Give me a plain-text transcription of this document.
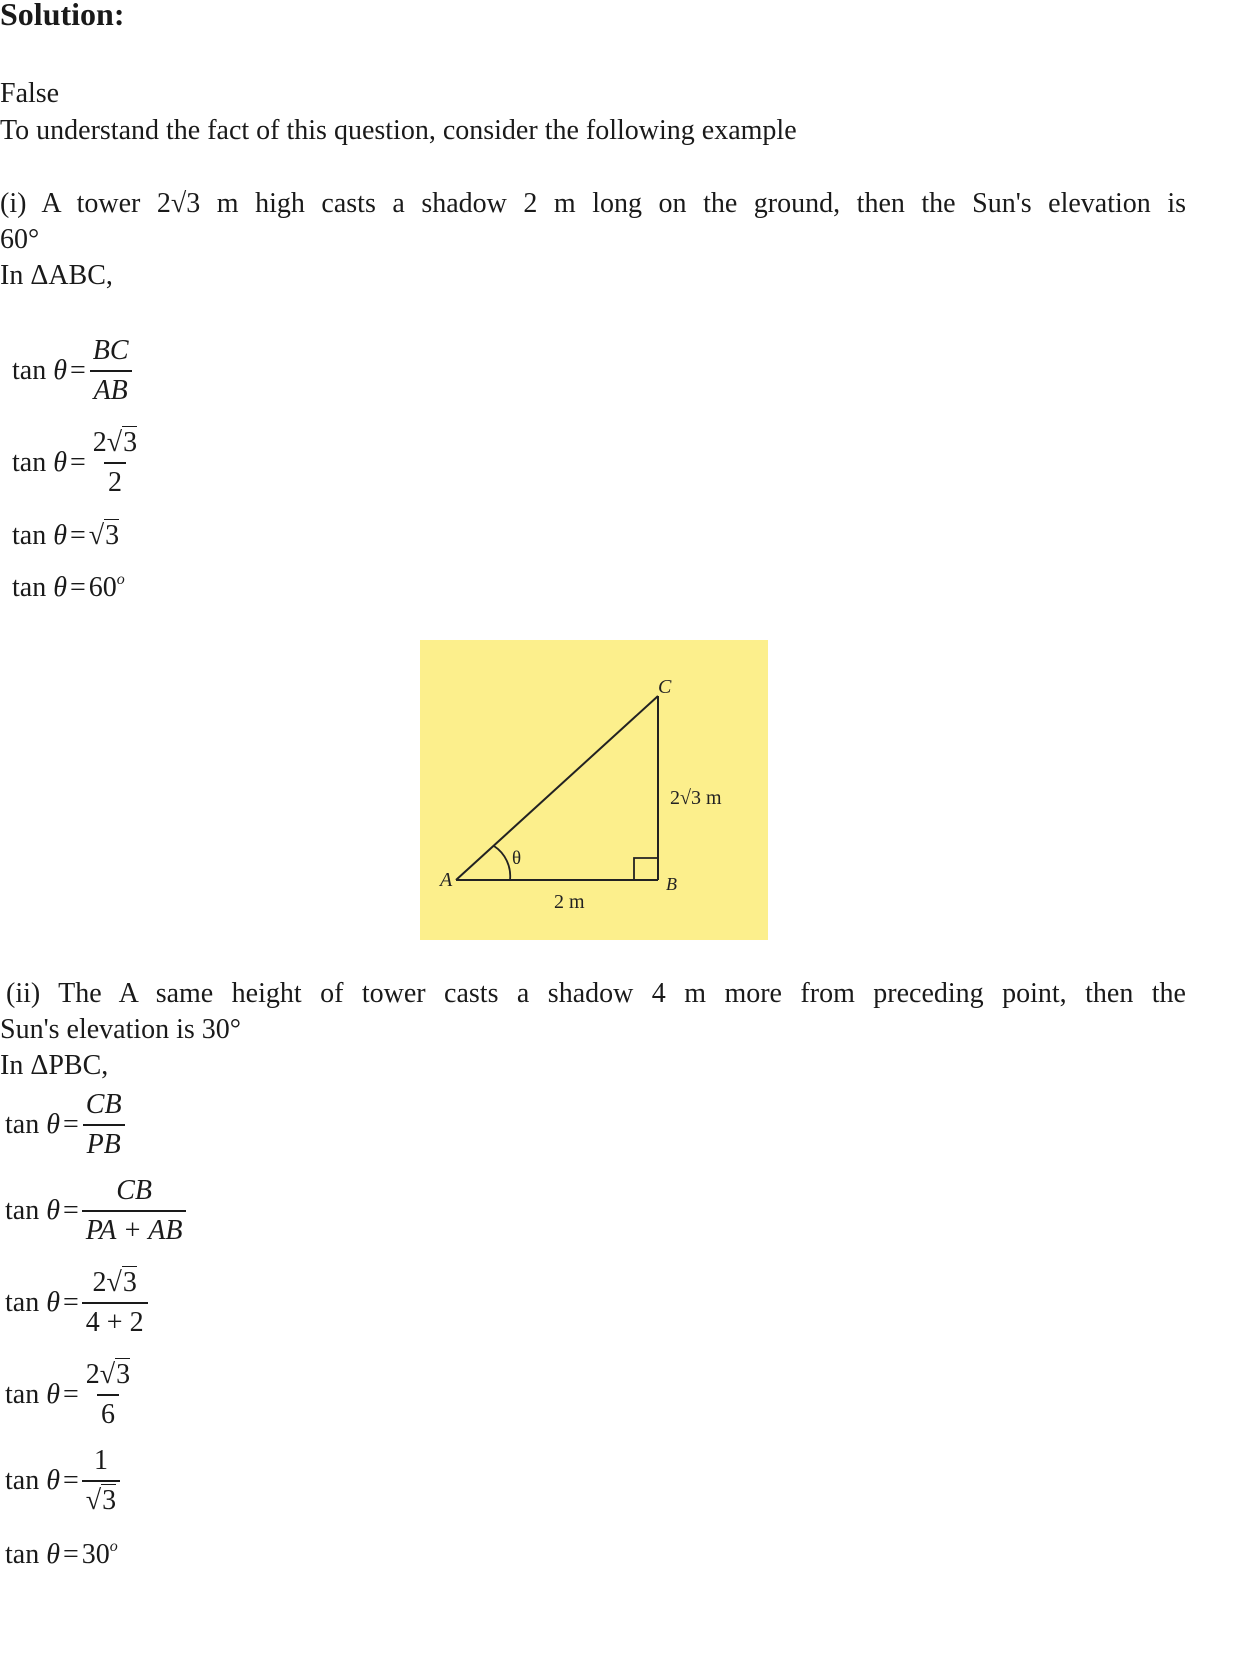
Solution:
False
To understand the fact of this question, consider the following example
(i) A tower 2√3 m high casts a shadow 2 m long on the ground, then the Sun's elevation is
60°
In ΔABC,
$\tan \theta = \frac{BC}{AB}$
$\tan \theta = \frac{2√3}{2}$
tan θ = √3
$\tan \theta = 60^o$
A	B
C
θ
2 m
2√3 m
(ii) The A same height of tower casts a shadow 4 m more from preceding point, then the
Sun's elevation is 30°
In ΔPBC,
$\tan \theta = \frac{CB}{PB}$
$\tan \theta = \frac{CB}{PA + AB}$
$\tan \theta = \frac{2√3}{4 + 2}$
$\tan \theta = \frac{2√3}{6}$
$\tan \theta = \frac{1}{√3}$
$\tan \theta = 30^o$
